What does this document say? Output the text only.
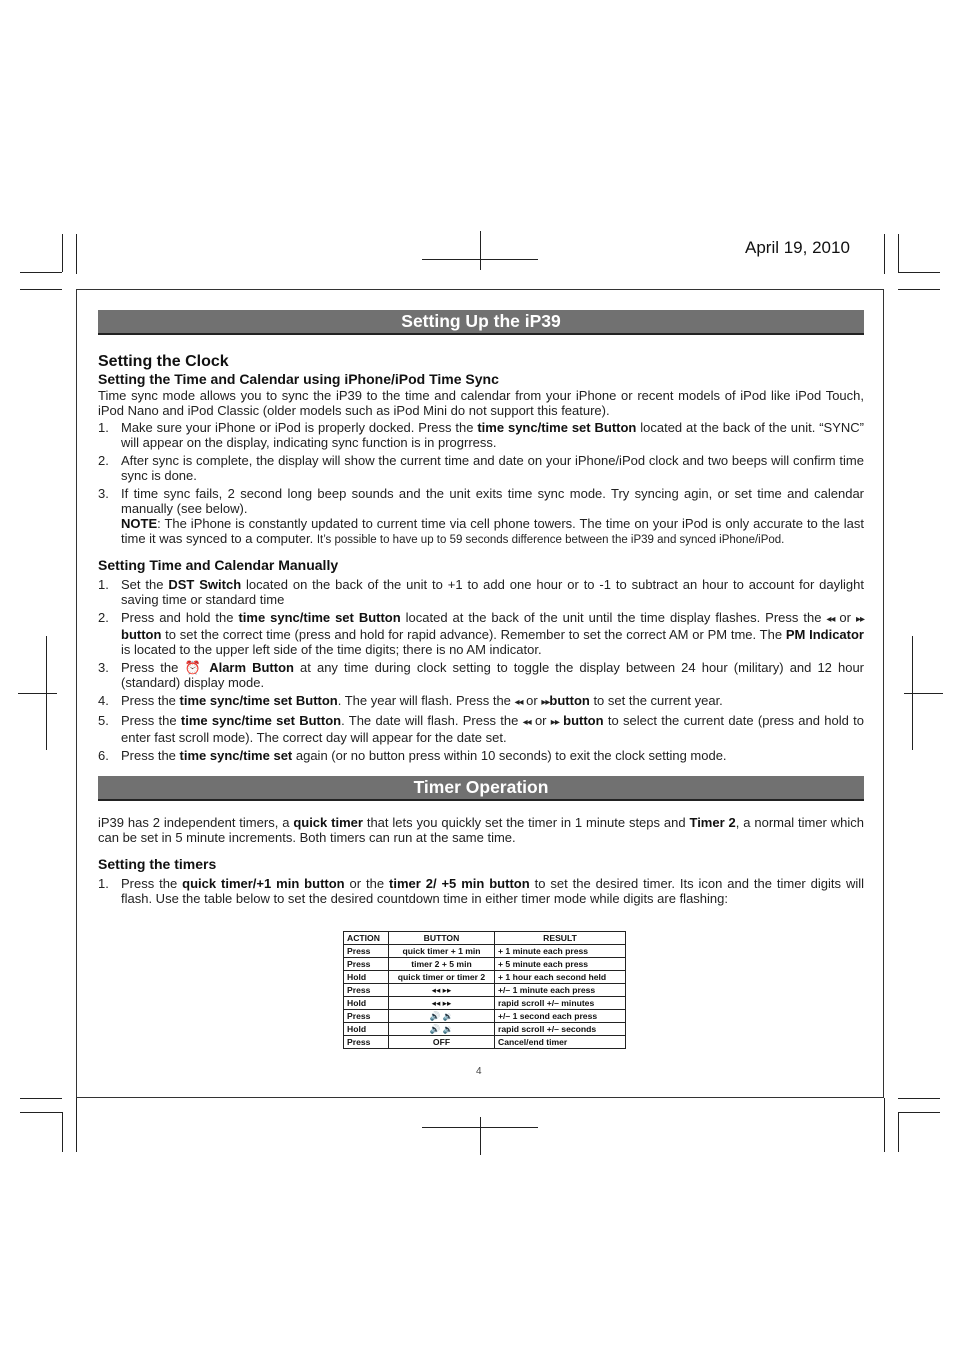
April 19, 2010
Setting Up the iP39
Setting the Clock
Setting the Time and Calendar using iPhone/iPod Time Sync

Time sync mode allows you to sync the iP39 to the time and calendar from your iPhone or recent models of iPod like iPod Touch, iPod Nano and iPod Classic (older models such as iPod Mini do not support this feature).

1. Make sure your iPhone or iPod is properly docked. Press the time sync/time set Button located at the back of the unit. “SYNC” will appear on the display, indicating sync function is in progrress.
2. After sync is complete, the display will show the current time and date on your iPhone/iPod clock and two beeps will confirm time sync is done.
3. If time sync fails, 2 second long beep sounds and the unit exits time sync mode. Try syncing agin, or set time and calendar manually (see below).
NOTE: The iPhone is constantly updated to current time via cell phone towers. The time on your iPod is only accurate to the last time it was synced to a computer. It’s possible to have up to 59 seconds difference between the iP39 and synced iPhone/iPod.
Setting Time and Calendar Manually
1. Set the DST Switch located on the back of the unit to +1 to add one hour or to -1 to subtract an hour to account for daylight saving time or standard time
2. Press and hold the time sync/time set Button located at the back of the unit until the time display flashes. Press the ◂◂ or ▸▸ button to set the correct time (press and hold for rapid advance). Remember to set the correct AM or PM tme. The PM Indicator is located to the upper left side of the time digits; there is no AM indicator.
3. Press the ⏰ Alarm Button at any time during clock setting to toggle the display between 24 hour (military) and 12 hour (standard) display mode.
4. Press the time sync/time set Button. The year will flash. Press the ◂◂ or ▸▸button to set the current year.
5. Press the time sync/time set Button. The date will flash. Press the ◂◂ or ▸▸ button to select the current date (press and hold to enter fast scroll mode). The correct day will appear for the date set.
6. Press the time sync/time set again (or no button press within 10 seconds) to exit the clock setting mode.
Timer Operation

iP39 has 2 independent timers, a quick timer that lets you quickly set the timer in 1 minute steps and Timer 2, a normal timer which can be set in 5 minute increments. Both timers can run at the same time.

Setting the timers
1. Press the quick timer/+1 min button or the timer 2/ +5 min button to set the desired timer. Its icon and the timer digits will flash. Use the table below to set the desired countdown time in either timer mode while digits are flashing:
ACTION	BUTTON	RESULT
Press	quick timer + 1 min	+ 1 minute each press
Press	timer 2 + 5 min	+ 5 minute each press
Hold	quick timer or timer 2	+ 1 hour each second held
Press	◂◂ ▸▸	+/– 1 minute each press
Hold	◂◂ ▸▸	rapid scroll +/– minutes
Press	🔊 🔉	+/– 1 second each press
Hold	🔊 🔉	rapid scroll +/– seconds
Press	OFF	Cancel/end timer
4
